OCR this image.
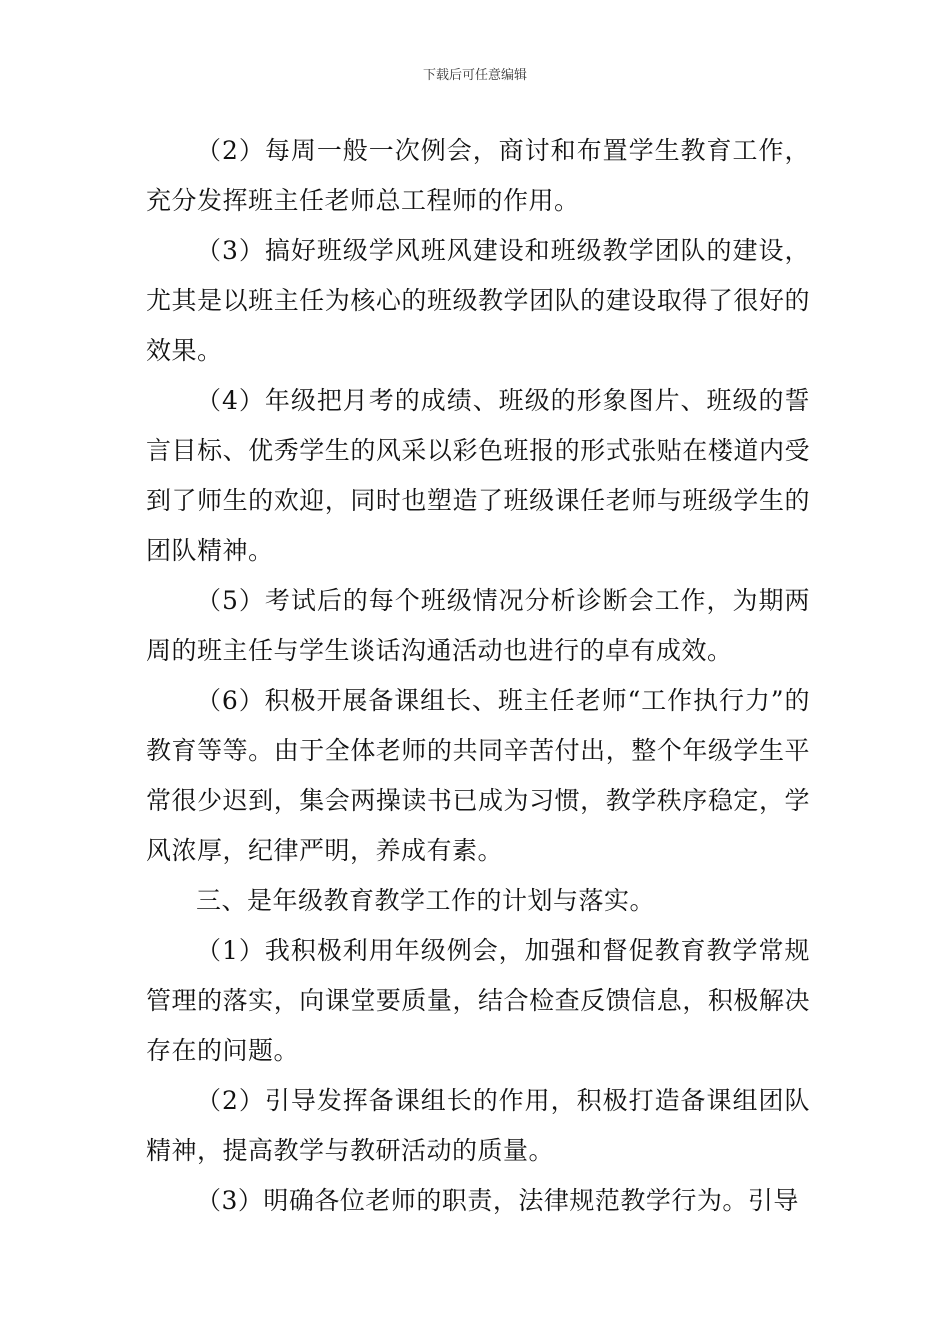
下载后可任意编辑

（2）每周一般一次例会，商讨和布置学生教育工作，充分发挥班主任老师总工程师的作用。

（3）搞好班级学风班风建设和班级教学团队的建设，尤其是以班主任为核心的班级教学团队的建设取得了很好的效果。

（4）年级把月考的成绩、班级的形象图片、班级的誓言目标、优秀学生的风采以彩色班报的形式张贴在楼道内受到了师生的欢迎，同时也塑造了班级课任老师与班级学生的团队精神。

（5）考试后的每个班级情况分析诊断会工作，为期两周的班主任与学生谈话沟通活动也进行的卓有成效。

（6）积极开展备课组长、班主任老师“工作执行力”的教育等等。由于全体老师的共同辛苦付出，整个年级学生平常很少迟到，集会两操读书已成为习惯，教学秩序稳定，学风浓厚，纪律严明，养成有素。

三、是年级教育教学工作的计划与落实。

（1）我积极利用年级例会，加强和督促教育教学常规管理的落实，向课堂要质量，结合检查反馈信息，积极解决存在的问题。

（2）引导发挥备课组长的作用，积极打造备课组团队精神，提高教学与教研活动的质量。

（3）明确各位老师的职责，法律规范教学行为。引导
